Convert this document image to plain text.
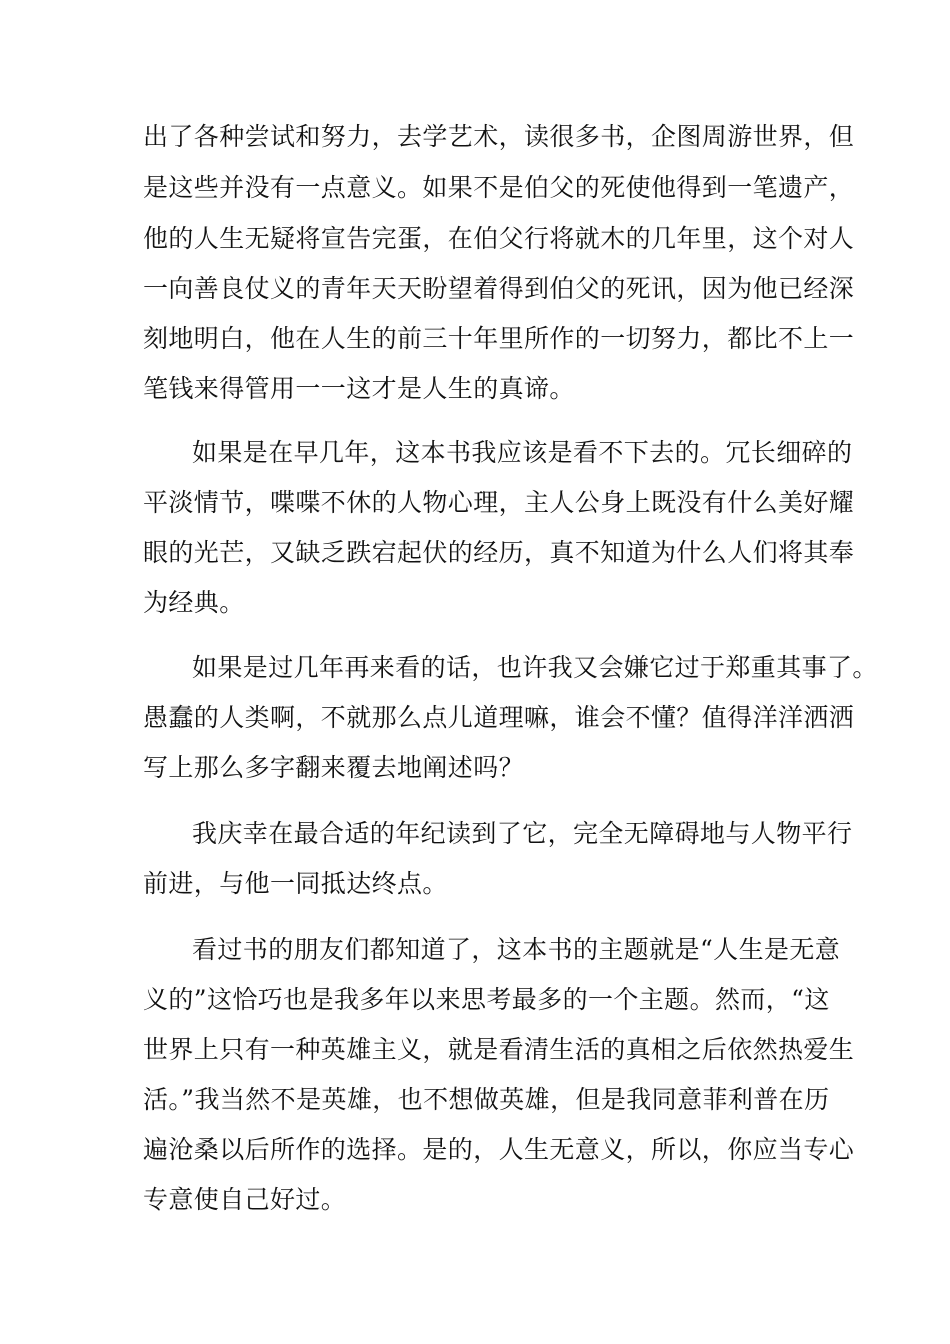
出了各种尝试和努力，去学艺术，读很多书，企图周游世界，但

是这些并没有一点意义。如果不是伯父的死使他得到一笔遗产，

他的人生无疑将宣告完蛋，在伯父行将就木的几年里，这个对人

一向善良仗义的青年天天盼望着得到伯父的死讯，因为他已经深

刻地明白，他在人生的前三十年里所作的一切努力，都比不上一

笔钱来得管用一一这才是人生的真谛。

如果是在早几年，这本书我应该是看不下去的。冗长细碎的

平淡情节，喋喋不休的人物心理，主人公身上既没有什么美好耀

眼的光芒，又缺乏跌宕起伏的经历，真不知道为什么人们将其奉

为经典。

如果是过几年再来看的话，也许我又会嫌它过于郑重其事了。

愚蠢的人类啊，不就那么点儿道理嘛，谁会不懂？值得洋洋洒洒

写上那么多字翻来覆去地阐述吗？

我庆幸在最合适的年纪读到了它，完全无障碍地与人物平行

前进，与他一同抵达终点。

看过书的朋友们都知道了，这本书的主题就是“人生是无意

义的”这恰巧也是我多年以来思考最多的一个主题。然而，“这

世界上只有一种英雄主义，就是看清生活的真相之后依然热爱生

活。”我当然不是英雄，也不想做英雄，但是我同意菲利普在历

遍沧桑以后所作的选择。是的，人生无意义，所以，你应当专心

专意使自己好过。
